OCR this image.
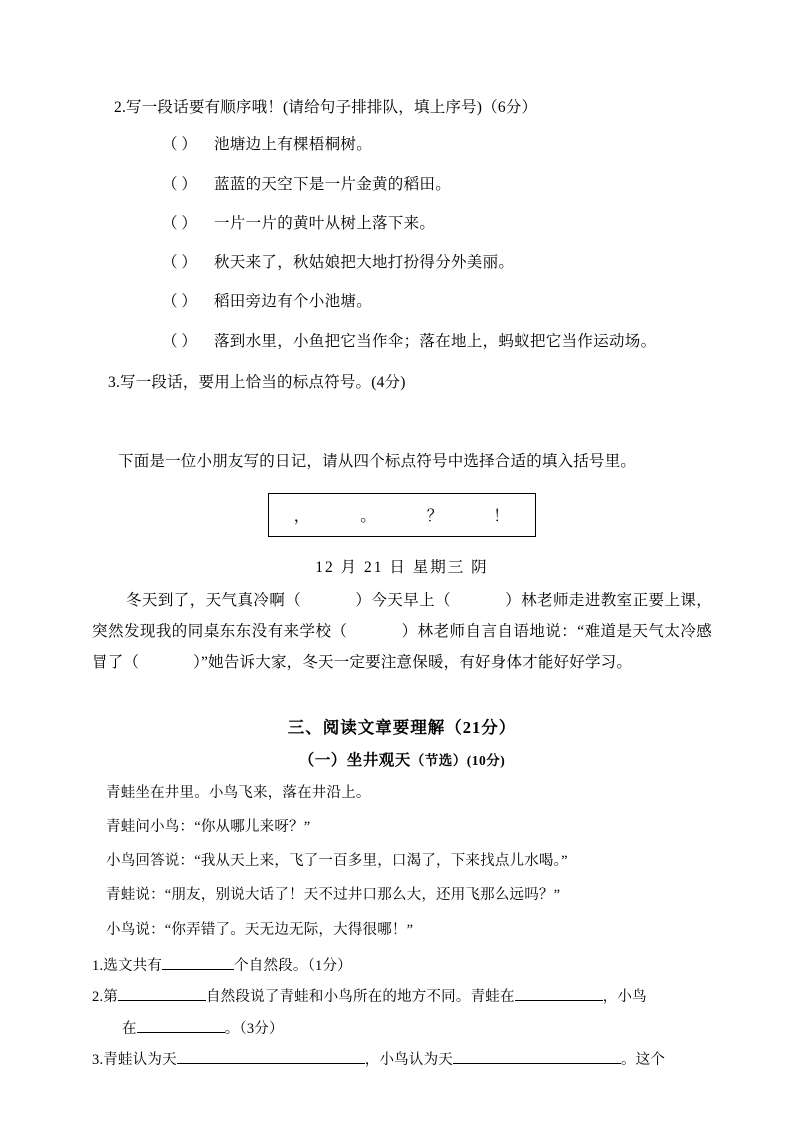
2.写一段话要有顺序哦！(请给句子排排队，填上序号)（6分）
（ ） 池塘边上有棵梧桐树。
（ ） 蓝蓝的天空下是一片金黄的稻田。
（ ） 一片一片的黄叶从树上落下来。
（ ） 秋天来了，秋姑娘把大地打扮得分外美丽。
（ ） 稻田旁边有个小池塘。
（ ） 落到水里，小鱼把它当作伞；落在地上，蚂蚁把它当作运动场。
3.写一段话，要用上恰当的标点符号。(4分)
下面是一位小朋友写的日记，请从四个标点符号中选择合适的填入括号里。
，	。	？	！
12 月 21 日 星期三 阴
冬天到了，天气真冷啊（	）今天早上（	）林老师走进教室正要上课，突然发现我的同桌东东没有来学校（	）林老师自言自语地说：“难道是天气太冷感冒了（	）”她告诉大家，冬天一定要注意保暖，有好身体才能好好学习。
三、阅读文章要理解（21分）
（一）坐井观天（节选）(10分)
青蛙坐在井里。小鸟飞来，落在井沿上。
青蛙问小鸟：“你从哪儿来呀？”
小鸟回答说：“我从天上来，飞了一百多里，口渴了，下来找点儿水喝。”
青蛙说：“朋友，别说大话了！天不过井口那么大，还用飞那么远吗？”
小鸟说：“你弄错了。天无边无际，大得很哪！”
1.选文共有	个自然段。（1分）
2.第	自然段说了青蛙和小鸟所在的地方不同。青蛙在	，小鸟
在	。（3分）
3.青蛙认为天	，小鸟认为天	。这个
